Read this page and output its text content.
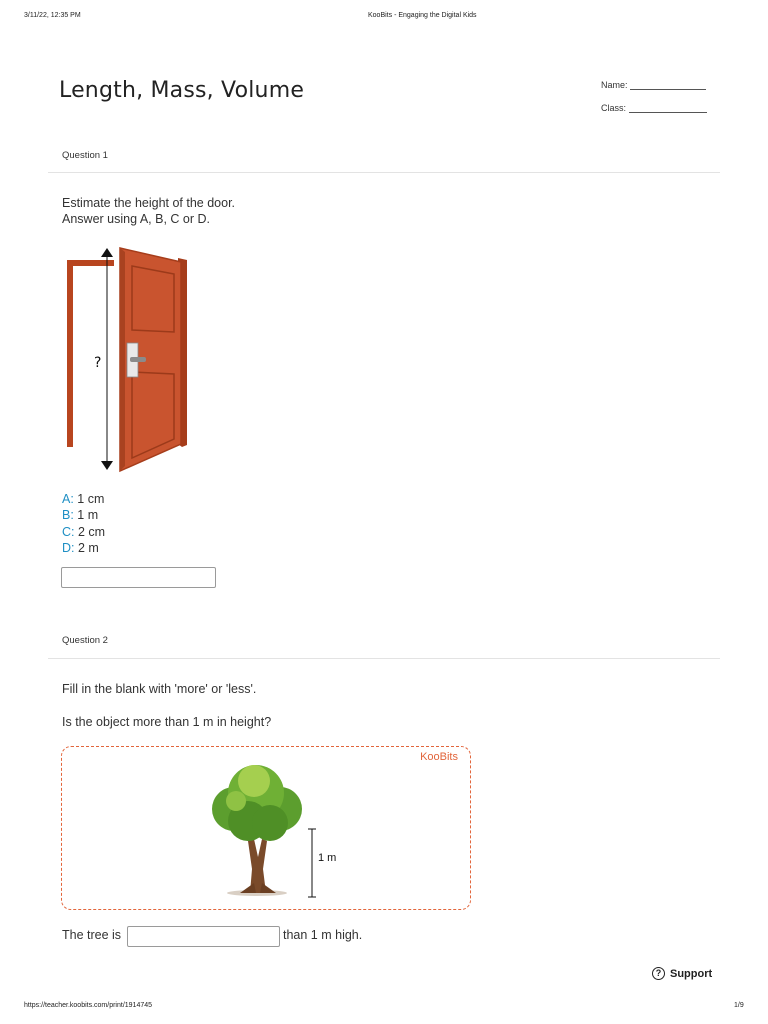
3/11/22, 12:35 PM	KooBits - Engaging the Digital Kids
Length, Mass, Volume	Name:
Class:
Question 1
Estimate the height of the door.
Answer using A, B, C or D.
?
A: 1 cm
B: 1 m
C: 2 cm
D: 2 m
Question 2
Fill in the blank with 'more' or 'less'.
Is the object more than 1 m in height?
KooBits
1 m
The tree is	than 1 m high.
? Support
https://teacher.koobits.com/print/1914745	1/9
